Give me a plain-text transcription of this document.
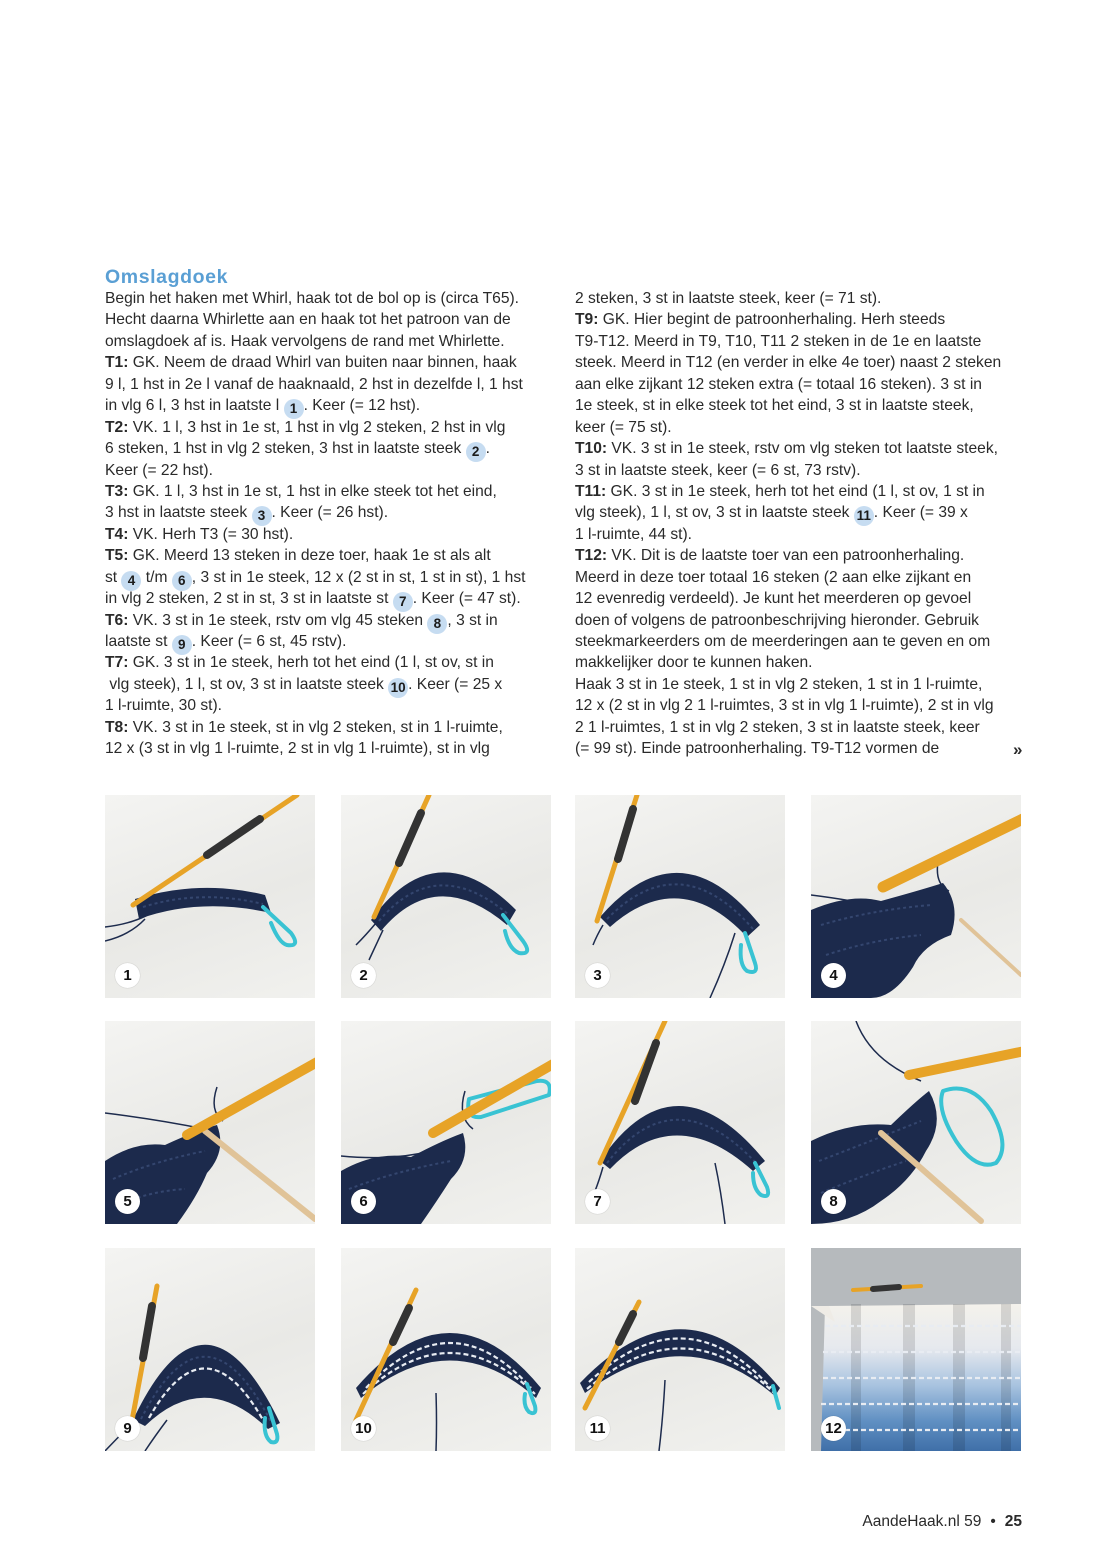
Omslagdoek
Begin het haken met Whirl, haak tot de bol op is (circa T65).
Hecht daarna Whirlette aan en haak tot het patroon van de
omslagdoek af is. Haak vervolgens de rand met Whirlette.
T1: GK. Neem de draad Whirl van buiten naar binnen, haak
9 l, 1 hst in 2e l vanaf de haaknaald, 2 hst in dezelfde l, 1 hst
in vlg 6 l, 3 hst in laatste l 1 . Keer (= 12 hst).
T2: VK. 1 l, 3 hst in 1e st, 1 hst in vlg 2 steken, 2 hst in vlg
6 steken, 1 hst in vlg 2 steken, 3 hst in laatste steek 2 .
Keer (= 22 hst).
T3: GK. 1 l, 3 hst in 1e st, 1 hst in elke steek tot het eind,
3 hst in laatste steek 3 . Keer (= 26 hst).
T4: VK. Herh T3 (= 30 hst).
T5: GK. Meerd 13 steken in deze toer, haak 1e st als alt
st 4 t/m 6 , 3 st in 1e steek, 12 x (2 st in st, 1 st in st), 1 hst
in vlg 2 steken, 2 st in st, 3 st in laatste st 7 . Keer (= 47 st).
T6: VK. 3 st in 1e steek, rstv om vlg 45 steken 8 , 3 st in
laatste st 9 . Keer (= 6 st, 45 rstv).
T7: GK. 3 st in 1e steek, herh tot het eind (1 l, st ov, st in
vlg steek), 1 l, st ov, 3 st in laatste steek 10 . Keer (= 25 x
1 l-ruimte, 30 st).
T8: VK. 3 st in 1e steek, st in vlg 2 steken, st in 1 l-ruimte,
12 x (3 st in vlg 1 l-ruimte, 2 st in vlg 1 l-ruimte), st in vlg
2 steken, 3 st in laatste steek, keer (= 71 st).
T9: GK. Hier begint de patroonherhaling. Herh steeds
T9-T12. Meerd in T9, T10, T11 2 steken in de 1e en laatste
steek. Meerd in T12 (en verder in elke 4e toer) naast 2 steken
aan elke zijkant 12 steken extra (= totaal 16 steken). 3 st in
1e steek, st in elke steek tot het eind, 3 st in laatste steek,
keer (= 75 st).
T10: VK. 3 st in 1e steek, rstv om vlg steken tot laatste steek,
3 st in laatste steek, keer (= 6 st, 73 rstv).
T11: GK. 3 st in 1e steek, herh tot het eind (1 l, st ov, 1 st in
vlg steek), 1 l, st ov, 3 st in laatste steek 11 . Keer (= 39 x
1 l-ruimte, 44 st).
T12: VK. Dit is de laatste toer van een patroonherhaling.
Meerd in deze toer totaal 16 steken (2 aan elke zijkant en
12 evenredig verdeeld). Je kunt het meerderen op gevoel
doen of volgens de patroonbeschrijving hieronder. Gebruik
steekmarkeerders om de meerderingen aan te geven en om
makkelijker door te kunnen haken.
Haak 3 st in 1e steek, 1 st in vlg 2 steken, 1 st in 1 l-ruimte,
12 x (2 st in vlg 2 1 l-ruimtes, 3 st in vlg 1 l-ruimte), 2 st in vlg
2 1 l-ruimtes, 1 st in vlg 2 steken, 3 st in laatste steek, keer
(= 99 st). Einde patroonherhaling. T9-T12 vormen de	»
1	2	3	4
5	6	7	8
9	10	11	12
AandeHaak.nl 59 • 25
